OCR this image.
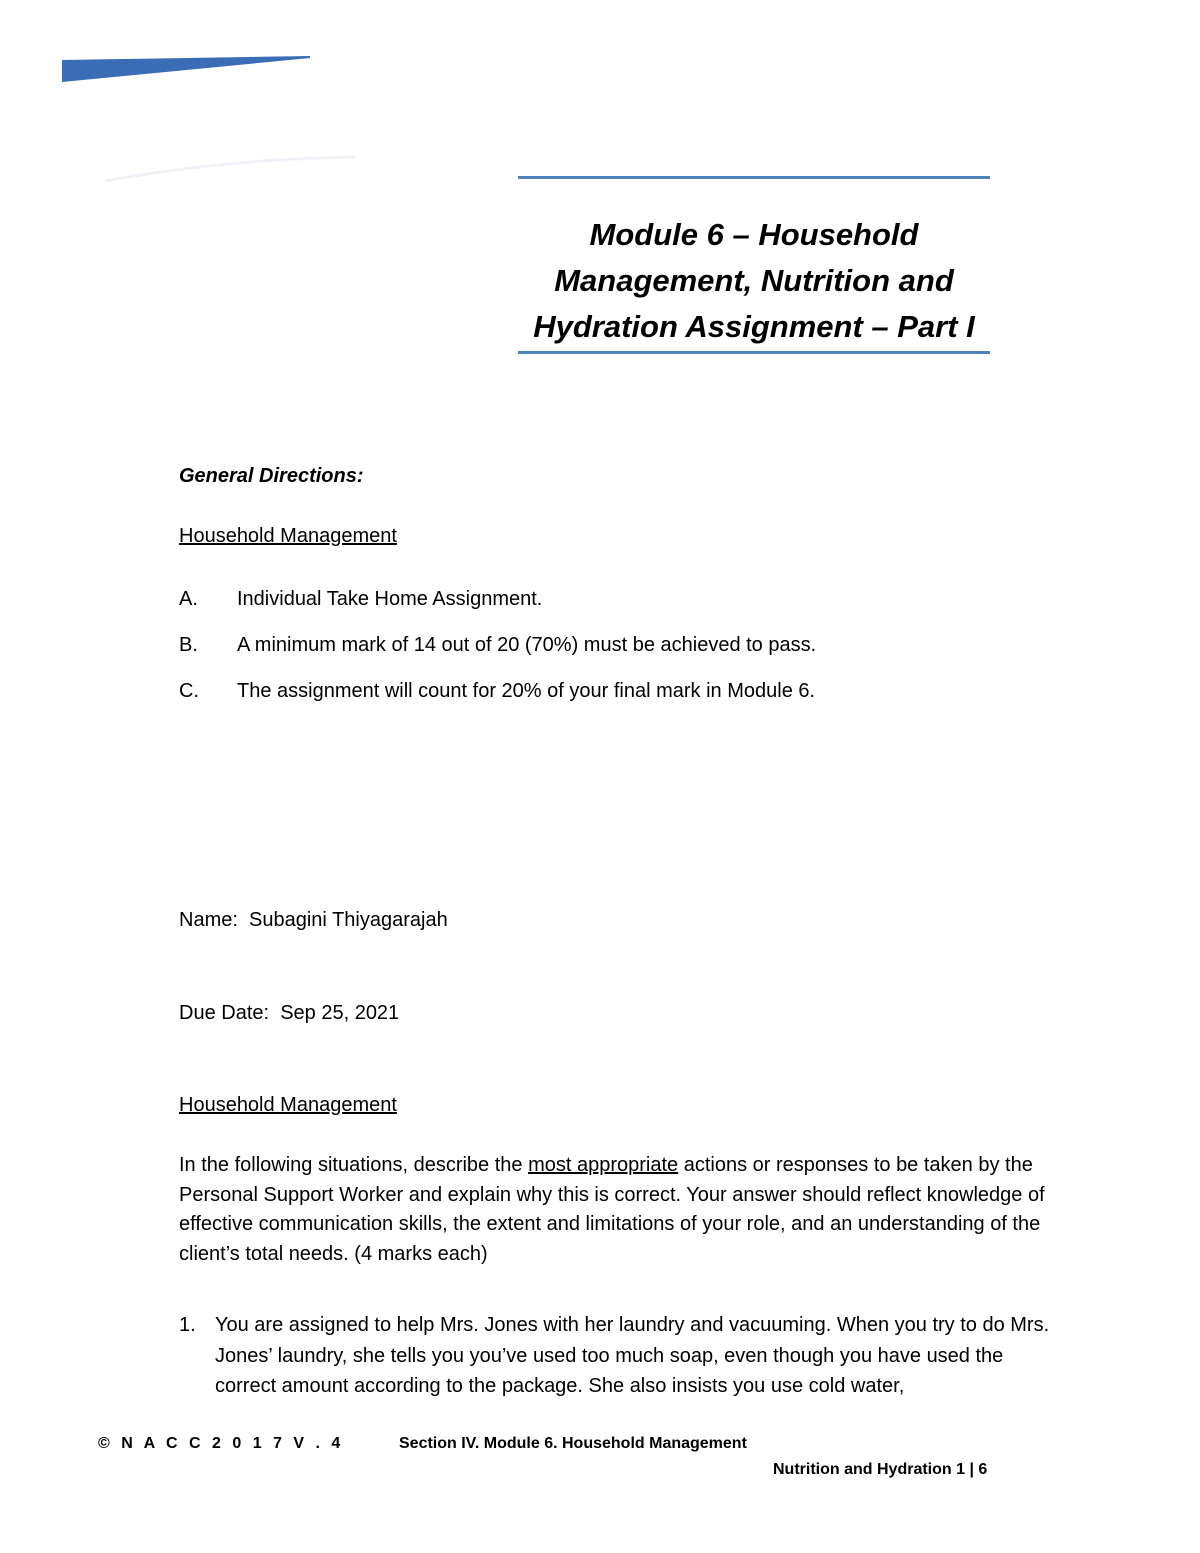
Module 6 – Household
Management, Nutrition and
Hydration Assignment – Part I

General Directions:

Household Management

A. Individual Take Home Assignment.
B. A minimum mark of 14 out of 20 (70%) must be achieved to pass.
C. The assignment will count for 20% of your final mark in Module 6.

Name: Subagini Thiyagarajah

Due Date: Sep 25, 2021

Household Management

In the following situations, describe the most appropriate actions or responses to be taken by the Personal Support Worker and explain why this is correct. Your answer should reflect knowledge of effective communication skills, the extent and limitations of your role, and an understanding of the client’s total needs. (4 marks each)

1. You are assigned to help Mrs. Jones with her laundry and vacuuming. When you try to do Mrs. Jones’ laundry, she tells you you’ve used too much soap, even though you have used the correct amount according to the package. She also insists you use cold water,

© N A C C 2 0 1 7 V . 4	Section IV. Module 6. Household Management
Nutrition and Hydration 1 | 6
